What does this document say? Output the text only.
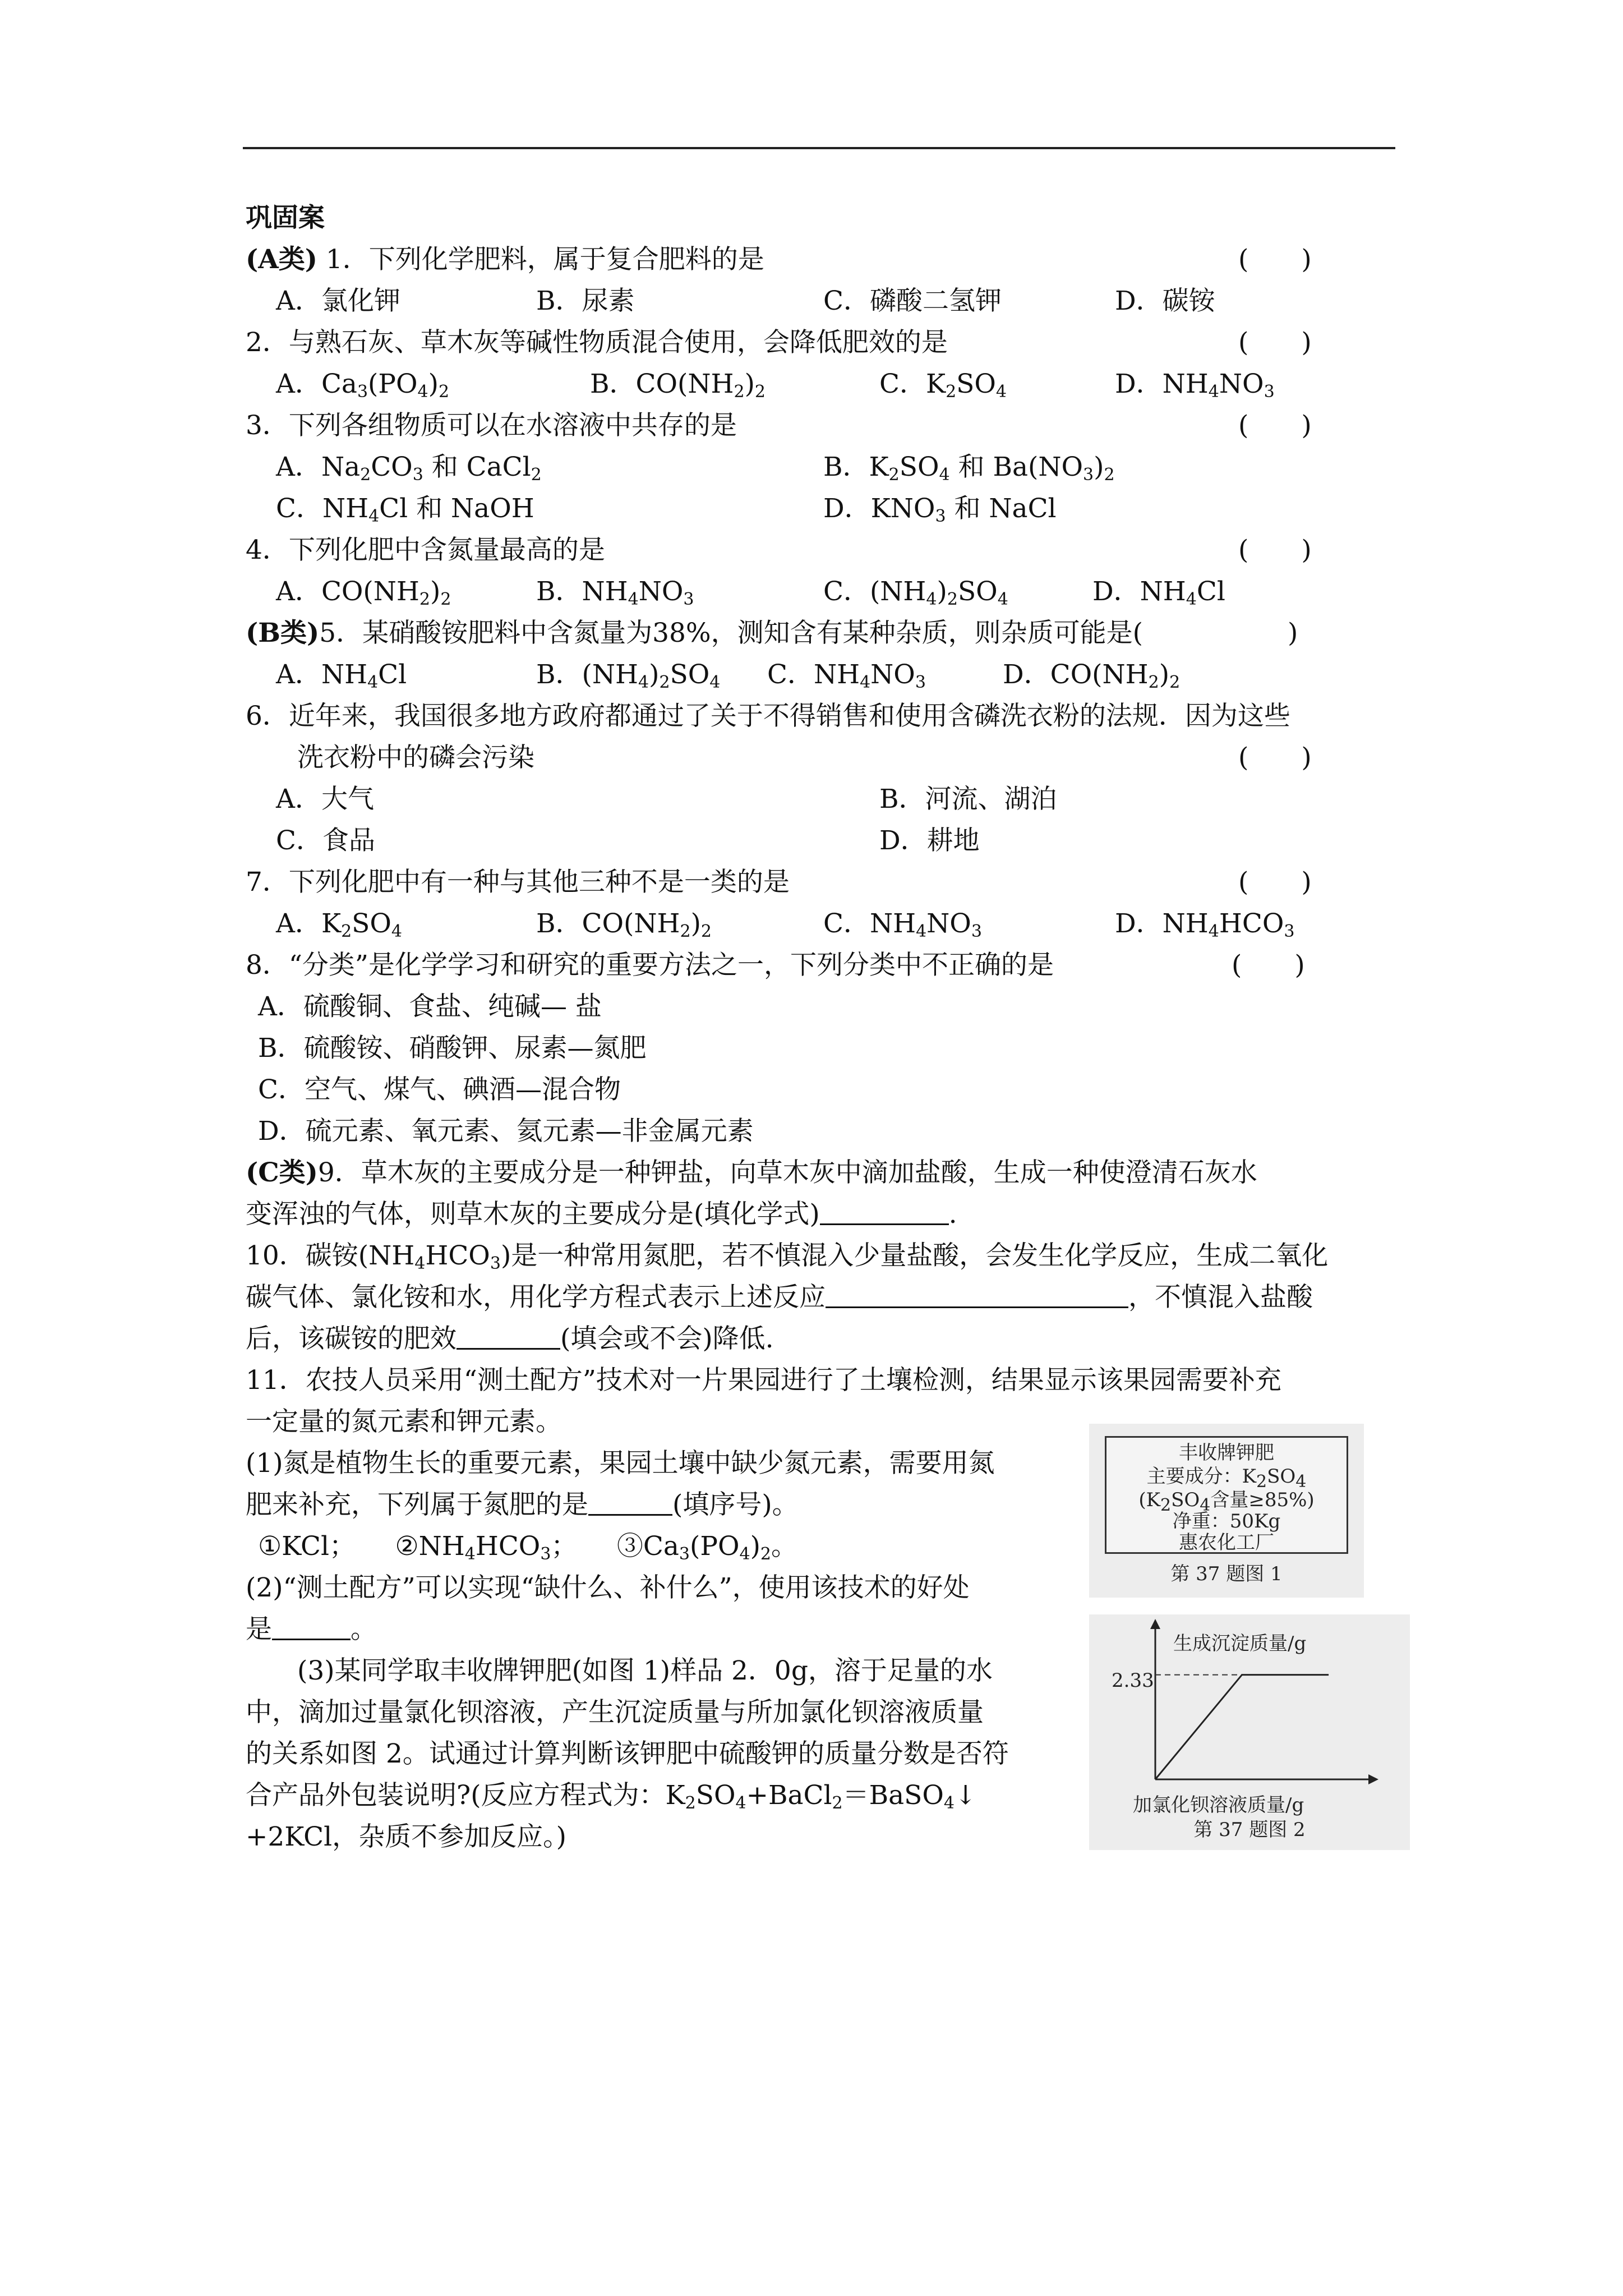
巩固案
(A类) 1．下列化学肥料，属于复合肥料的是	(　　)
A．氯化钾	B．尿素	C．磷酸二氢钾	D．碳铵
2．与熟石灰、草木灰等碱性物质混合使用，会降低肥效的是	(　　)
A．$Ca_3(PO_4)_2$	B．$CO(NH_2)_2$	C．$K_2SO_4$	D．$NH_4NO_3$
3．下列各组物质可以在水溶液中共存的是	(　　)
A．$Na_2CO_3$ 和 CaCl$_2$	B．$K_2SO_4$ 和 $Ba(NO_3)_2$
C．$NH_4Cl$ 和 NaOH	D．$KNO_3$ 和 NaCl
4．下列化肥中含氮量最高的是	(　　)
A．$CO(NH_2)_2$	B．$NH_4NO_3$	C．$(NH_4)_2SO_4$	D．$NH_4Cl$
(B类)5．某硝酸铵肥料中含氮量为38%，测知含有某种杂质，则杂质可能是(	)
A．$NH_4Cl$	B．$(NH_4)_2SO_4$ C．$NH_4NO_3$	D．$CO(NH_2)_2$
6．近年来，我国很多地方政府都通过了关于不得销售和使用含磷洗衣粉的法规．因为这些
洗衣粉中的磷会污染	(　　)
A．大气	B．河流、湖泊
C．食品	D．耕地
7．下列化肥中有一种与其他三种不是一类的是	(　　)
A．$K_2SO_4$	B．$CO(NH_2)_2$	C．$NH_4NO_3$	D．$NH_4HCO_3$
8．“分类”是化学学习和研究的重要方法之一，下列分类中不正确的是	(　　)
A．硫酸铜、食盐、纯碱— 盐
B．硫酸铵、硝酸钾、尿素—氮肥
C．空气、煤气、碘酒—混合物
D．硫元素、氧元素、氦元素—非金属元素
(C类)9．草木灰的主要成分是一种钾盐，向草木灰中滴加盐酸，生成一种使澄清石灰水
变浑浊的气体，则草木灰的主要成分是(填化学式)	.
10．碳铵$(NH_4HCO_3)$是一种常用氮肥，若不慎混入少量盐酸，会发生化学反应，生成二氧化
碳气体、氯化铵和水，用化学方程式表示上述反应	，不慎混入盐酸
后，该碳铵的肥效	(填会或不会)降低.
11．农技人员采用“测土配方”技术对一片果园进行了土壤检测，结果显示该果园需要补充
一定量的氮元素和钾元素。
(1)氮是植物生长的重要元素，果园土壤中缺少氮元素，需要用氮
肥来补充，下列属于氮肥的是	(填序号)。
①KCl；　　 $②NH_4HCO_3$；　　 $③Ca_3(PO_4)_2$。
(2)“测土配方”可以实现“缺什么、补什么”，使用该技术的好处
是	。
(3)某同学取丰收牌钾肥(如图 1)样品 2．0g，溶于足量的水
中，滴加过量氯化钡溶液，产生沉淀质量与所加氯化钡溶液质量
的关系如图 2。试通过计算判断该钾肥中硫酸钾的质量分数是否符
合产品外包装说明?(反应方程式为：$K_2SO_4+BaCl_2=BaSO_4↓$
+2KCl，杂质不参加反应。)
丰收牌钾肥
主要成分：$K_2SO_4$
($K_2SO_4$含量≥85%)
净重：50Kg
惠农化工厂
第 37 题图 1
生成沉淀质量/g
2.33
加氯化钡溶液质量/g
第 37 题图 2
